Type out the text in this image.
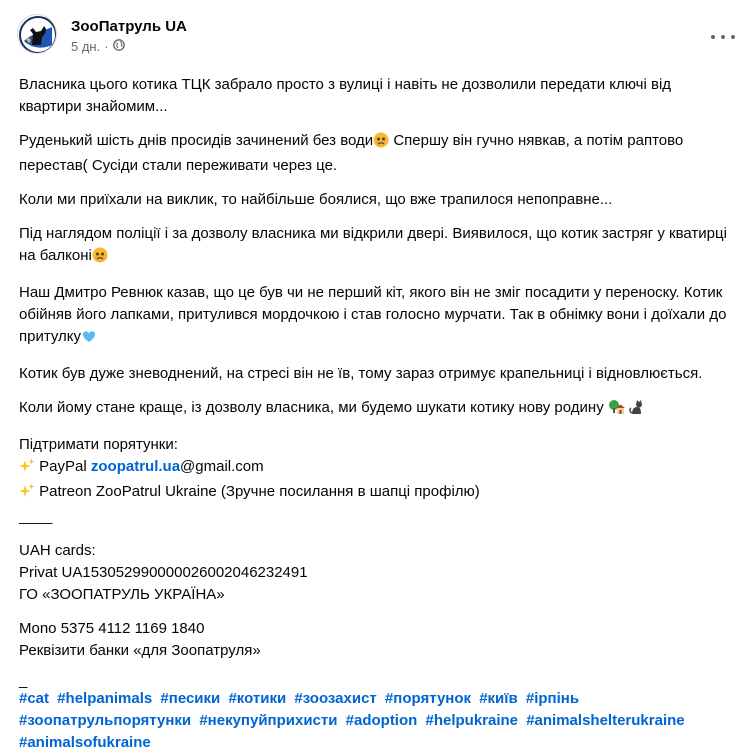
ЗооПатруль UA
5 дн. ·

Власника цього котика ТЦК забрало просто з вулиці і навіть не дозволили передати ключі від квартири знайомим...

Руденький шість днів просидів зачинений без води Спершу він гучно нявкав, а потім раптово перестав( Сусіди стали переживати через це.

Коли ми приїхали на виклик, то найбільше боялися, що вже трапилося непоправне...

Під наглядом поліції і за дозволу власника ми відкрили двері. Виявилося, що котик застряг у кватирці на балконі

Наш Дмитро Ревнюк казав, що це був чи не перший кіт, якого він не зміг посадити у переноску. Котик обійняв його лапками, притулився мордочкою і став голосно мурчати. Так в обнімку вони і доїхали до притулку

Котик був дуже зневоднений, на стресі він не їв, тому зараз отримує крапельниці і відновлюється.

Коли йому стане краще, із дозволу власника, ми будемо шукати котику нову родину

Підтримати порятунки:

PayPal zoopatrul.ua@gmail.com

Patreon ZooPatrul Ukraine (Зручне посилання в шапці профілю)

____

UAH cards:

Privat UA153052990000026002046232491

ГО «ЗООПАТРУЛЬ УКРАЇНА»

Mono 5375 4112 1169 1840

Реквізити банки «для Зоопатруля»

_

#cat #helpanimals #песики #котики #зоозахист #порятунок #київ #ірпінь #зоопатрульпорятунки #некупуйприхисти #adoption #helpukraine #animalshelterukraine #animalsofukraine
